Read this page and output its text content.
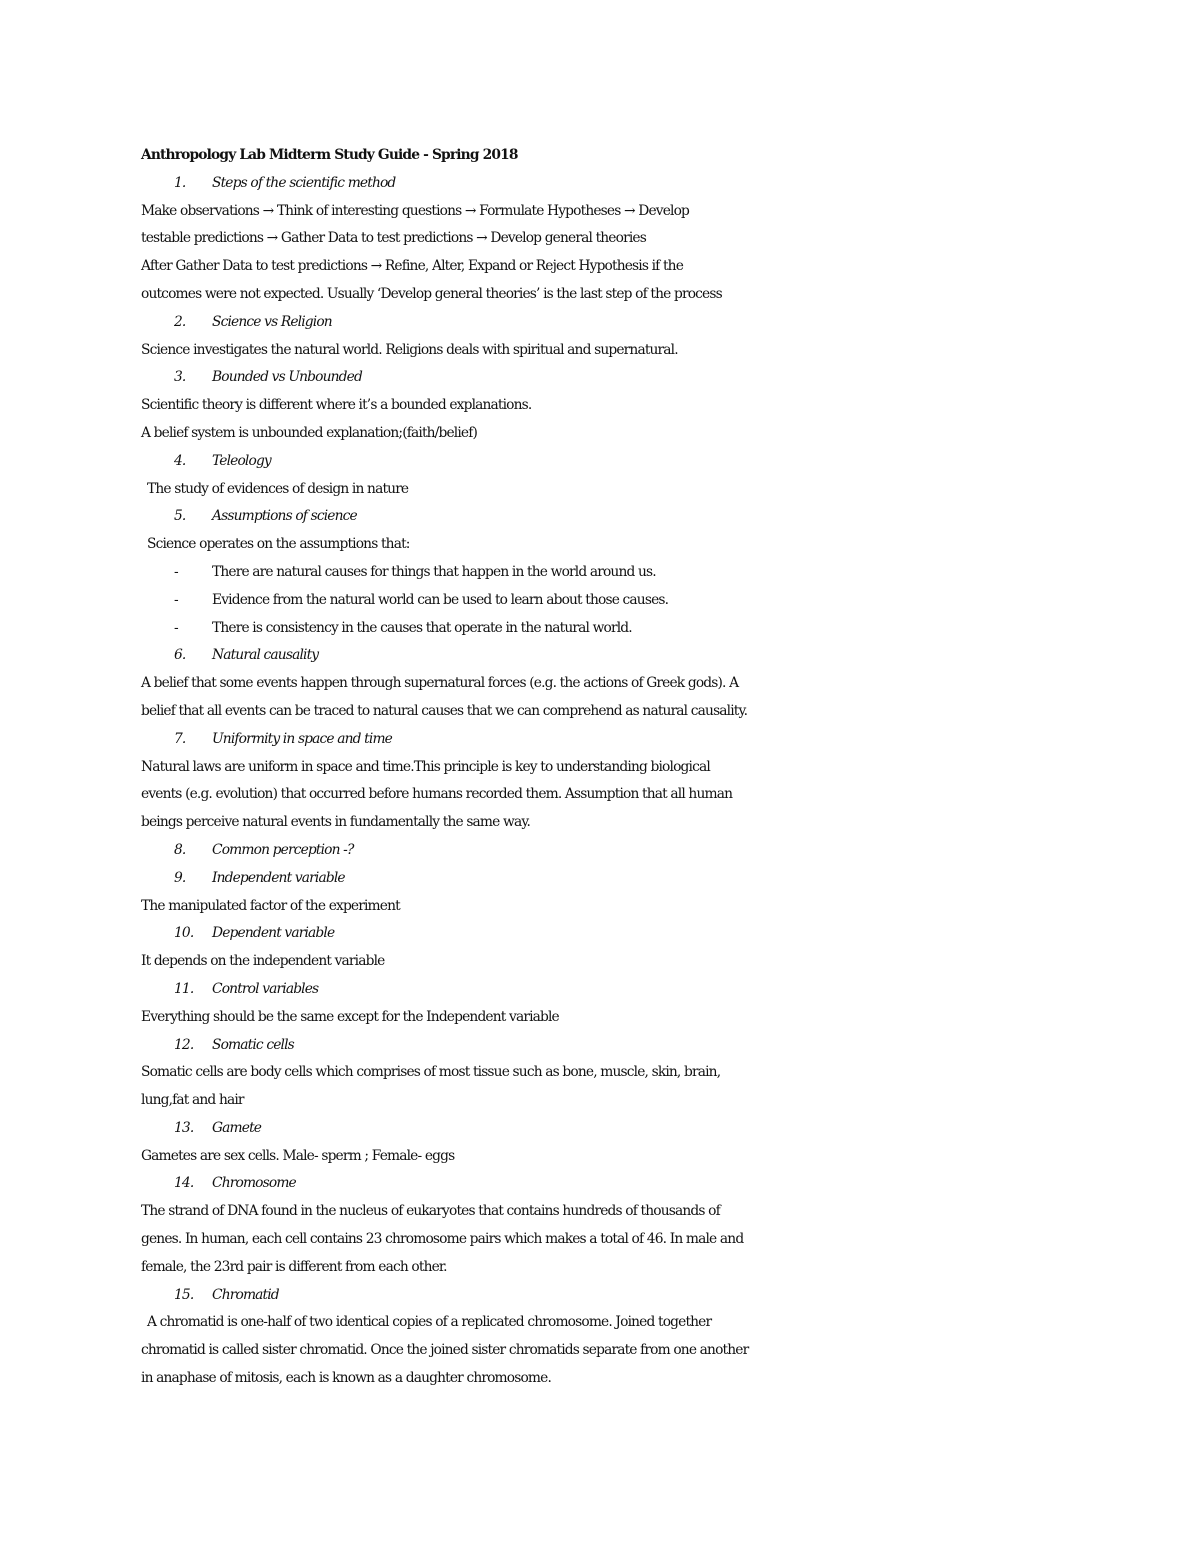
Anthropology Lab Midterm Study Guide - Spring 2018
1. Steps of the scientific method
Make observations → Think of interesting questions → Formulate Hypotheses → Develop
testable predictions → Gather Data to test predictions → Develop general theories
After Gather Data to test predictions → Refine, Alter, Expand or Reject Hypothesis if the
outcomes were not expected. Usually ‘Develop general theories’ is the last step of the process
2. Science vs Religion
Science investigates the natural world. Religions deals with spiritual and supernatural.
3. Bounded vs Unbounded
Scientific theory is different where it’s a bounded explanations.
A belief system is unbounded explanation;(faith/belief)
4. Teleology
The study of evidences of design in nature
5. Assumptions of science
Science operates on the assumptions that:
- There are natural causes for things that happen in the world around us.
- Evidence from the natural world can be used to learn about those causes.
- There is consistency in the causes that operate in the natural world.
6. Natural causality
A belief that some events happen through supernatural forces (e.g. the actions of Greek gods). A
belief that all events can be traced to natural causes that we can comprehend as natural causality.
7. Uniformity in space and time
Natural laws are uniform in space and time.This principle is key to understanding biological
events (e.g. evolution) that occurred before humans recorded them. Assumption that all human
beings perceive natural events in fundamentally the same way.
8. Common perception -?
9. Independent variable
The manipulated factor of the experiment
10. Dependent variable
It depends on the independent variable
11. Control variables
Everything should be the same except for the Independent variable
12. Somatic cells
Somatic cells are body cells which comprises of most tissue such as bone, muscle, skin, brain,
lung,fat and hair
13. Gamete
Gametes are sex cells. Male- sperm ; Female- eggs
14. Chromosome
The strand of DNA found in the nucleus of eukaryotes that contains hundreds of thousands of
genes. In human, each cell contains 23 chromosome pairs which makes a total of 46. In male and
female, the 23rd pair is different from each other.
15. Chromatid
A chromatid is one-half of two identical copies of a replicated chromosome. Joined together
chromatid is called sister chromatid. Once the joined sister chromatids separate from one another
in anaphase of mitosis, each is known as a daughter chromosome.
